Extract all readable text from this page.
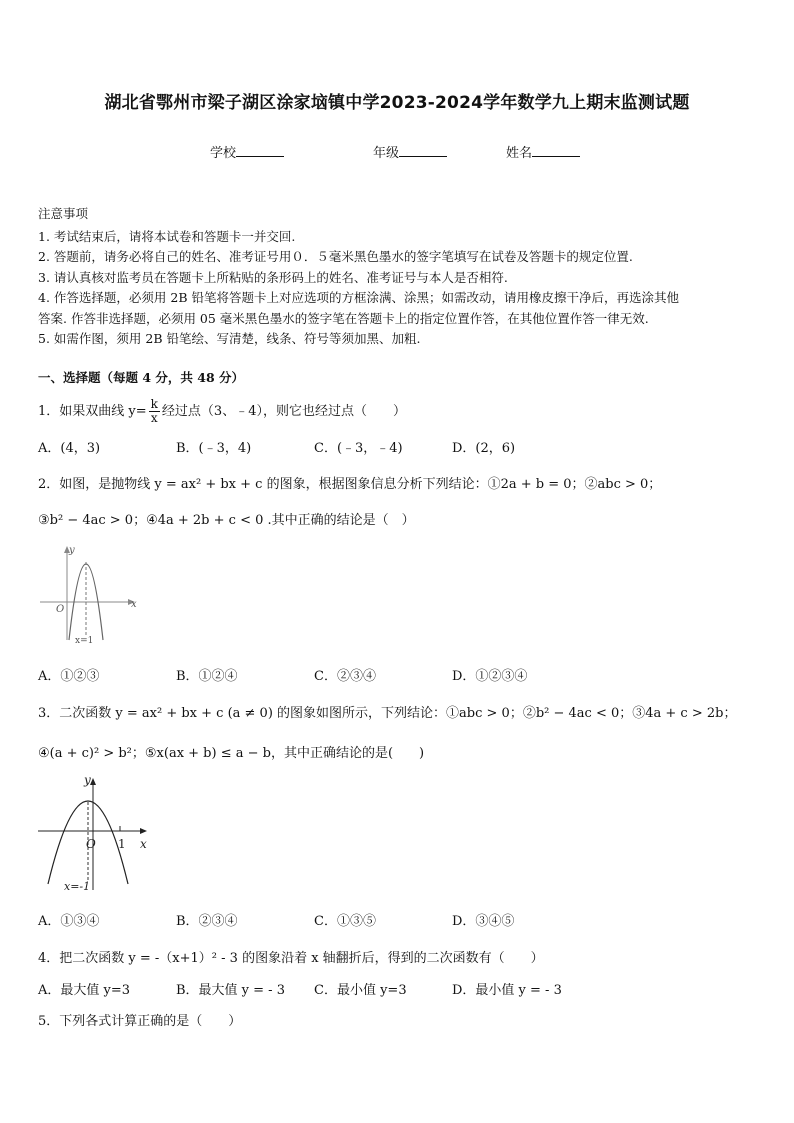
湖北省鄂州市梁子湖区涂家垴镇中学2023-2024学年数学九上期末监测试题
学校	年级	姓名

注意事项

1. 考试结束后，请将本试卷和答题卡一并交回.

2. 答题前，请务必将自己的姓名、准考证号用０．５毫米黑色墨水的签字笔填写在试卷及答题卡的规定位置.

3. 请认真核对监考员在答题卡上所粘贴的条形码上的姓名、准考证号与本人是否相符.

4. 作答选择题，必须用 2B 铅笔将答题卡上对应选项的方框涂满、涂黑；如需改动，请用橡皮擦干净后，再选涂其他

答案. 作答非选择题，必须用 05 毫米黑色墨水的签字笔在答题卡上的指定位置作答，在其他位置作答一律无效.

5. 如需作图，须用 2B 铅笔绘、写清楚，线条、符号等须加黑、加粗.

一、选择题（每题 4 分，共 48 分）
1．如果双曲线 $y= \frac{k}{x}$ 经过点（3、﹣4），则它也经过点（　　）
A．(4，3)	B．(﹣3，4)	C．(﹣3，﹣4)	D．(2，6)
2．如图，是抛物线 y = ax² + bx + c 的图象，根据图象信息分析下列结论：①2a + b = 0；②abc > 0；
③b² − 4ac > 0；④4a + 2b + c < 0 .其中正确的结论是（　）
y
x
O
x=1
A．①②③	B．①②④	C．②③④	D．①②③④
3．二次函数 y = ax² + bx + c (a ≠ 0) 的图象如图所示，下列结论：①abc > 0；②b² − 4ac < 0；③4a + c > 2b；
④(a + c)² > b²；⑤x(ax + b) ≤ a − b，其中正确结论的是(　　)
y
x
O 1
x=-1
A．①③④	B．②③④	C．①③⑤	D．③④⑤
4．把二次函数 y = -（x+1）² - 3 的图象沿着 x 轴翻折后，得到的二次函数有（　　）
A．最大值 y=3	B．最大值 y = - 3 C．最小值 y=3	D．最小值 y = - 3
5．下列各式计算正确的是（　　）
